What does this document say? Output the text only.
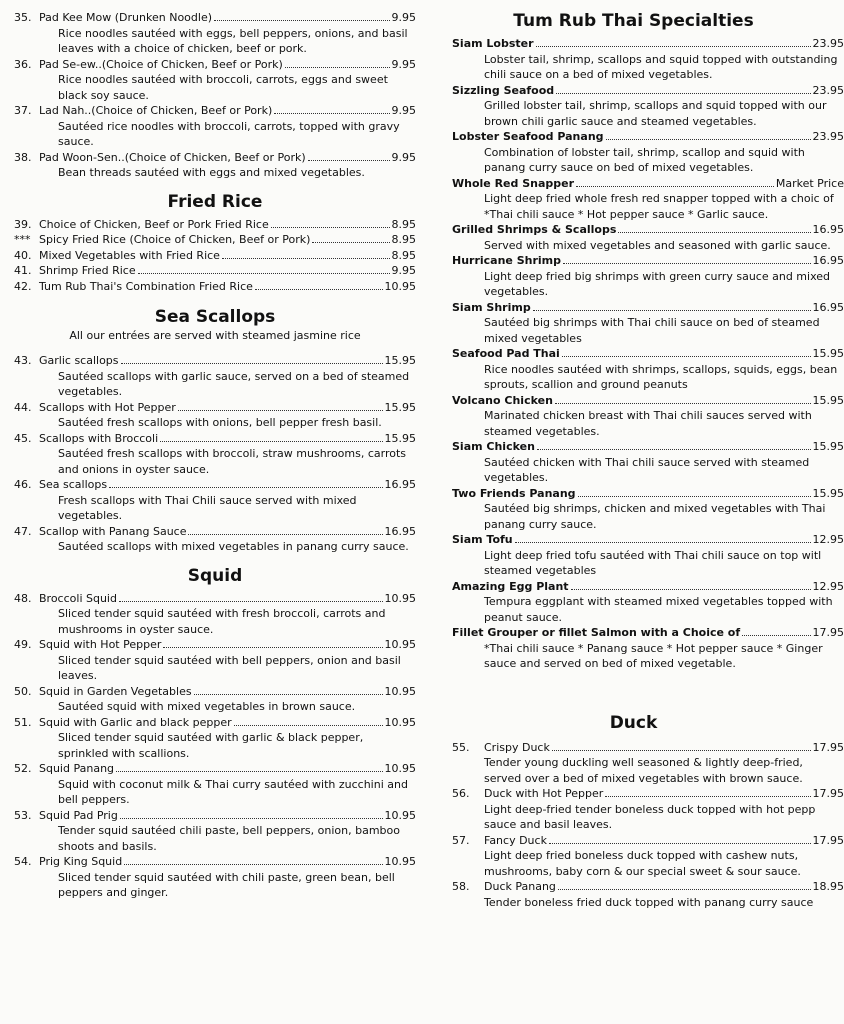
35. Pad Kee Mow (Drunken Noodle)	9.95
Rice noodles sautéed with eggs, bell peppers, onions, and basil leaves with a choice of chicken, beef or pork.
36. Pad Se-ew..(Choice of Chicken, Beef or Pork)	9.95
Rice noodles sautéed with broccoli, carrots, eggs and sweet black soy sauce.
37. Lad Nah..(Choice of Chicken, Beef or Pork)	9.95
Sautéed rice noodles with broccoli, carrots, topped with gravy sauce.
38. Pad Woon-Sen..(Choice of Chicken, Beef or Pork)	9.95
Bean threads sautéed with eggs and mixed vegetables.
Fried Rice
39. Choice of Chicken, Beef or Pork Fried Rice	8.95
*** Spicy Fried Rice (Choice of Chicken, Beef or Pork)	8.95
40. Mixed Vegetables with Fried Rice	8.95
41. Shrimp Fried Rice	9.95
42. Tum Rub Thai's Combination Fried Rice	10.95
Sea Scallops

All our entrées are served with steamed jasmine rice

43. Garlic scallops	15.95
Sautéed scallops with garlic sauce, served on a bed of steamed vegetables.
44. Scallops with Hot Pepper	15.95
Sautéed fresh scallops with onions, bell pepper fresh basil.
45. Scallops with Broccoli	15.95
Sautéed fresh scallops with broccoli, straw mushrooms, carrots and onions in oyster sauce.
46. Sea scallops	16.95
Fresh scallops with Thai Chili sauce served with mixed vegetables.
47. Scallop with Panang Sauce	16.95
Sautéed scallops with mixed vegetables in panang curry sauce.
Squid
48. Broccoli Squid	10.95
Sliced tender squid sautéed with fresh broccoli, carrots and mushrooms in oyster sauce.
49. Squid with Hot Pepper	10.95
Sliced tender squid sautéed with bell peppers, onion and basil leaves.
50. Squid in Garden Vegetables	10.95
Sautéed squid with mixed vegetables in brown sauce.
51. Squid with Garlic and black pepper	10.95
Sliced tender squid sautéed with garlic & black pepper, sprinkled with scallions.
52. Squid Panang	10.95
Squid with coconut milk & Thai curry sautéed with zucchini and bell peppers.
53. Squid Pad Prig	10.95
Tender squid sautéed chili paste, bell peppers, onion, bamboo shoots and basils.
54. Prig King Squid	10.95
Sliced tender squid sautéed with chili paste, green bean, bell peppers and ginger.
Tum Rub Thai Specialties
Siam Lobster	23.95
Lobster tail, shrimp, scallops and squid topped with outstanding chili sauce on a bed of mixed vegetables.
Sizzling Seafood	23.95
Grilled lobster tail, shrimp, scallops and squid topped with our brown chili garlic sauce and steamed vegetables.
Lobster Seafood Panang	23.95
Combination of lobster tail, shrimp, scallop and squid with panang curry sauce on bed of mixed vegetables.
Whole Red Snapper	Market Price
Light deep fried whole fresh red snapper topped with a choic of *Thai chili sauce * Hot pepper sauce * Garlic sauce.
Grilled Shrimps & Scallops	16.95
Served with mixed vegetables and seasoned with garlic sauce.
Hurricane Shrimp	16.95
Light deep fried big shrimps with green curry sauce and mixed vegetables.
Siam Shrimp	16.95
Sautéed big shrimps with Thai chili sauce on bed of steamed mixed vegetables
Seafood Pad Thai	15.95
Rice noodles sautéed with shrimps, scallops, squids, eggs, bean sprouts, scallion and ground peanuts
Volcano Chicken	15.95
Marinated chicken breast with Thai chili sauces served with steamed vegetables.
Siam Chicken	15.95
Sautéed chicken with Thai chili sauce served with steamed vegetables.
Two Friends Panang	15.95
Sautéed big shrimps, chicken and mixed vegetables with Thai panang curry sauce.
Siam Tofu	12.95
Light deep fried tofu sautéed with Thai chili sauce on top witl steamed vegetables
Amazing Egg Plant	12.95
Tempura eggplant with steamed mixed vegetables topped with peanut sauce.
Fillet Grouper or fillet Salmon with a Choice of	17.95
*Thai chili sauce * Panang sauce * Hot pepper sauce * Ginger sauce and served on bed of mixed vegetable.
Duck
55.	Crispy Duck	17.95
Tender young duckling well seasoned & lightly deep-fried, served over a bed of mixed vegetables with brown sauce.
56.	Duck with Hot Pepper	17.95
Light deep-fried tender boneless duck topped with hot pepp sauce and basil leaves.
57.	Fancy Duck	17.95
Light deep fried boneless duck topped with cashew nuts, mushrooms, baby corn & our special sweet & sour sauce.
58.	Duck Panang	18.95
Tender boneless fried duck topped with panang curry sauce
